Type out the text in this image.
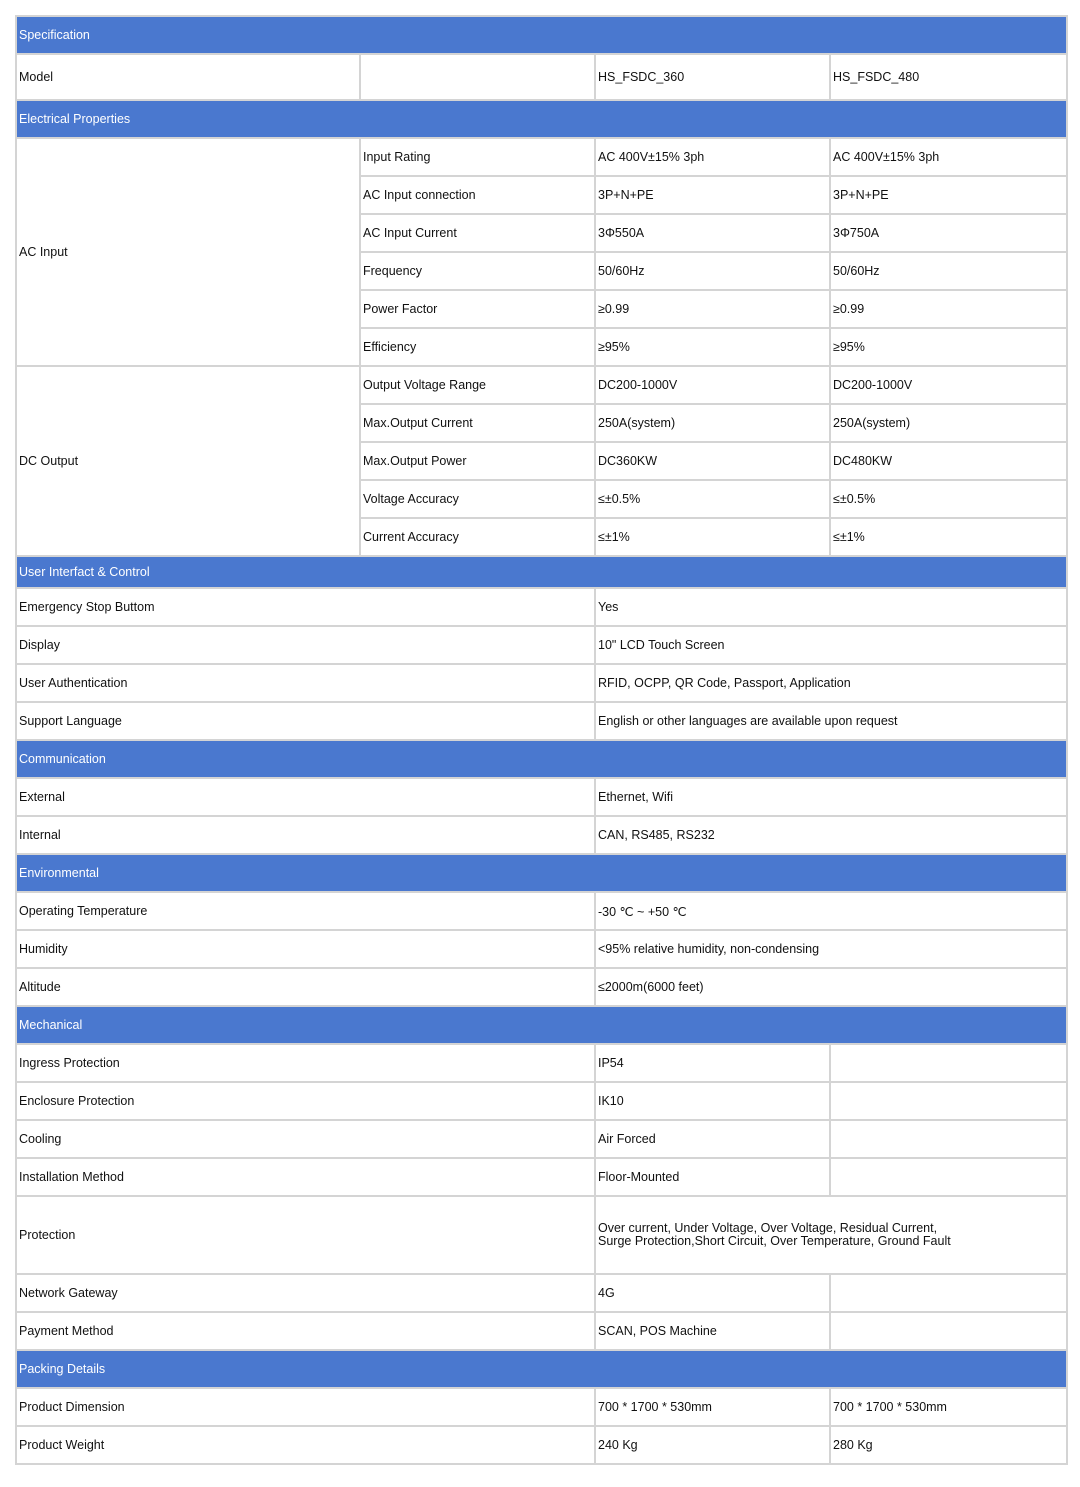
Specification			
Model		HS_FSDC_360	HS_FSDC_480
Electrical Properties			
AC Input	Input Rating	AC 400V±15% 3ph	AC 400V±15% 3ph
	AC Input connection	3P+N+PE	3P+N+PE
	AC Input Current	3Φ550A	3Φ750A
	Frequency	50/60Hz	50/60Hz
	Power Factor	≥0.99	≥0.99
	Efficiency	≥95%	≥95%
DC Output	Output Voltage Range	DC200-1000V	DC200-1000V
	Max.Output Current	250A(system)	250A(system)
	Max.Output Power	DC360KW	DC480KW
	Voltage Accuracy	≤±0.5%	≤±0.5%
	Current Accuracy	≤±1%	≤±1%
User Interfact & Control			
Emergency Stop Buttom		Yes	
Display		10" LCD Touch Screen	
User Authentication		RFID, OCPP, QR Code, Passport, Application	
Support Language		English or other languages are available upon request	
Communication			
External		Ethernet, Wifi	
Internal		CAN, RS485, RS232	
Environmental			
Operating Temperature		-30 ℃ ~ +50 ℃	
Humidity		<95% relative humidity, non-condensing	
Altitude		≤2000m(6000 feet)	
Mechanical			
Ingress Protection		IP54	
Enclosure Protection		IK10	
Cooling		Air Forced	
Installation Method		Floor-Mounted	
Protection		Over current, Under Voltage, Over Voltage, Residual Current,
Surge Protection,Short Circuit, Over Temperature, Ground Fault	
Network Gateway		4G	
Payment Method		SCAN, POS Machine	
Packing Details			
Product Dimension		700 * 1700 * 530mm	700 * 1700 * 530mm
Product Weight		240 Kg	280 Kg
